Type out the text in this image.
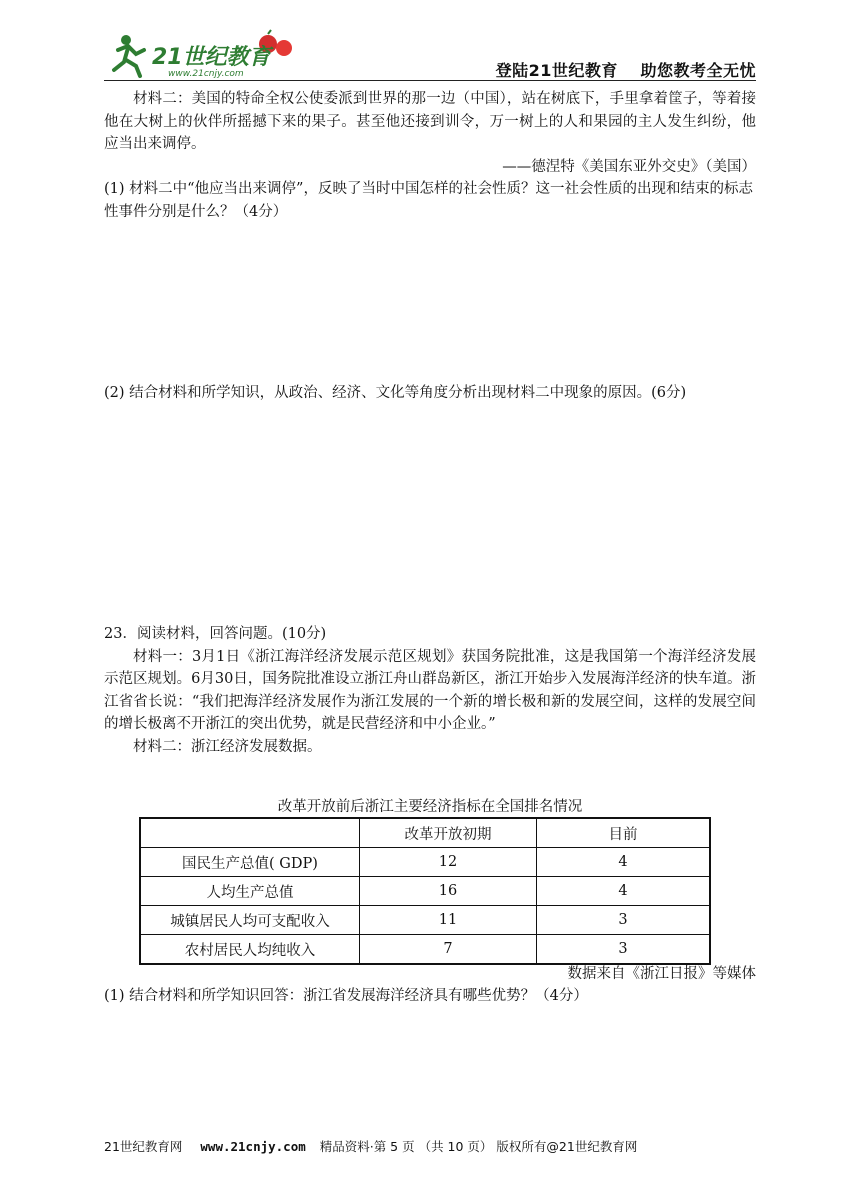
21世纪教育
www.21cnjy.com	登陆21世纪教育　 助您教考全无忧

材料二：美国的特命全权公使委派到世界的那一边（中国），站在树底下，手里拿着筐子，等着接他在大树上的伙伴所摇撼下来的果子。甚至他还接到训令，万一树上的人和果园的主人发生纠纷，他应当出来调停。

——德涅特《美国东亚外交史》（美国）

(1) 材料二中“他应当出来调停”，反映了当时中国怎样的社会性质？这一社会性质的出现和结束的标志性事件分别是什么？（4分）

(2) 结合材料和所学知识，从政治、经济、文化等角度分析出现材料二中现象的原因。(6分)

23．阅读材料，回答问题。(10分)

材料一：3月1日《浙江海洋经济发展示范区规划》获国务院批准，这是我国第一个海洋经济发展示范区规划。6月30日，国务院批准设立浙江舟山群岛新区，浙江开始步入发展海洋经济的快车道。浙江省省长说：“我们把海洋经济发展作为浙江发展的一个新的增长极和新的发展空间，这样的发展空间的增长极离不开浙江的突出优势，就是民营经济和中小企业。”

材料二：浙江经济发展数据。

改革开放前后浙江主要经济指标在全国排名情况
	改革开放初期	目前
国民生产总值( GDP)	12	4
人均生产总值	16	4
城镇居民人均可支配收入	11	3
农村居民人均纯收入	7	3
数据来自《浙江日报》等媒体

(1) 结合材料和所学知识回答：浙江省发展海洋经济具有哪些优势？（4分）

21世纪教育网 www.21cnjy.com 精品资料·第 5 页 （共 10 页） 版权所有@21世纪教育网
